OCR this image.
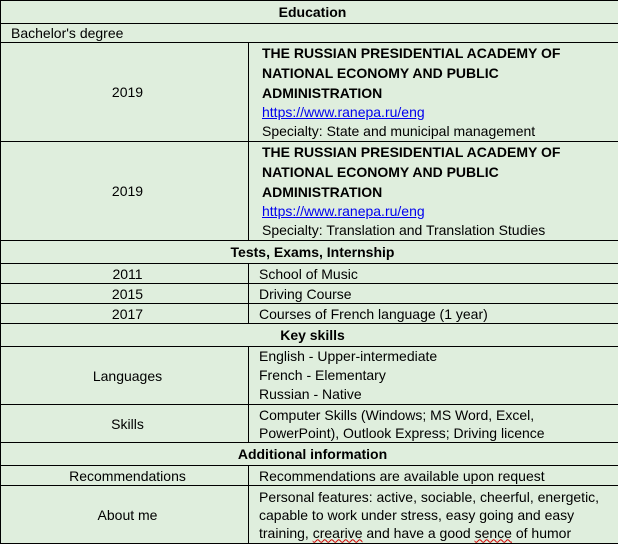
Education	
Bachelor's degree	
2019	THE RUSSIAN PRESIDENTIAL ACADEMY OF NATIONAL ECONOMY AND PUBLIC ADMINISTRATION
https://www.ranepa.ru/eng
Specialty: State and municipal management

2019	THE RUSSIAN PRESIDENTIAL ACADEMY OF NATIONAL ECONOMY AND PUBLIC ADMINISTRATION
https://www.ranepa.ru/eng
Specialty: Translation and Translation Studies

Tests, Exams, Internship	
2011	School of Music
2015	Driving Course
2017	Courses of French language (1 year)
Key skills	
Languages	English - Upper-intermediate
French - Elementary
Russian - Native

Skills	Computer Skills (Windows; MS Word, Excel, PowerPoint), Outlook Express; Driving licence
Additional information	
Recommendations	Recommendations are available upon request
About me	Personal features: active, sociable, cheerful, energetic, capable to work under stress, easy going and easy training, crearive and have a good sence of humor
